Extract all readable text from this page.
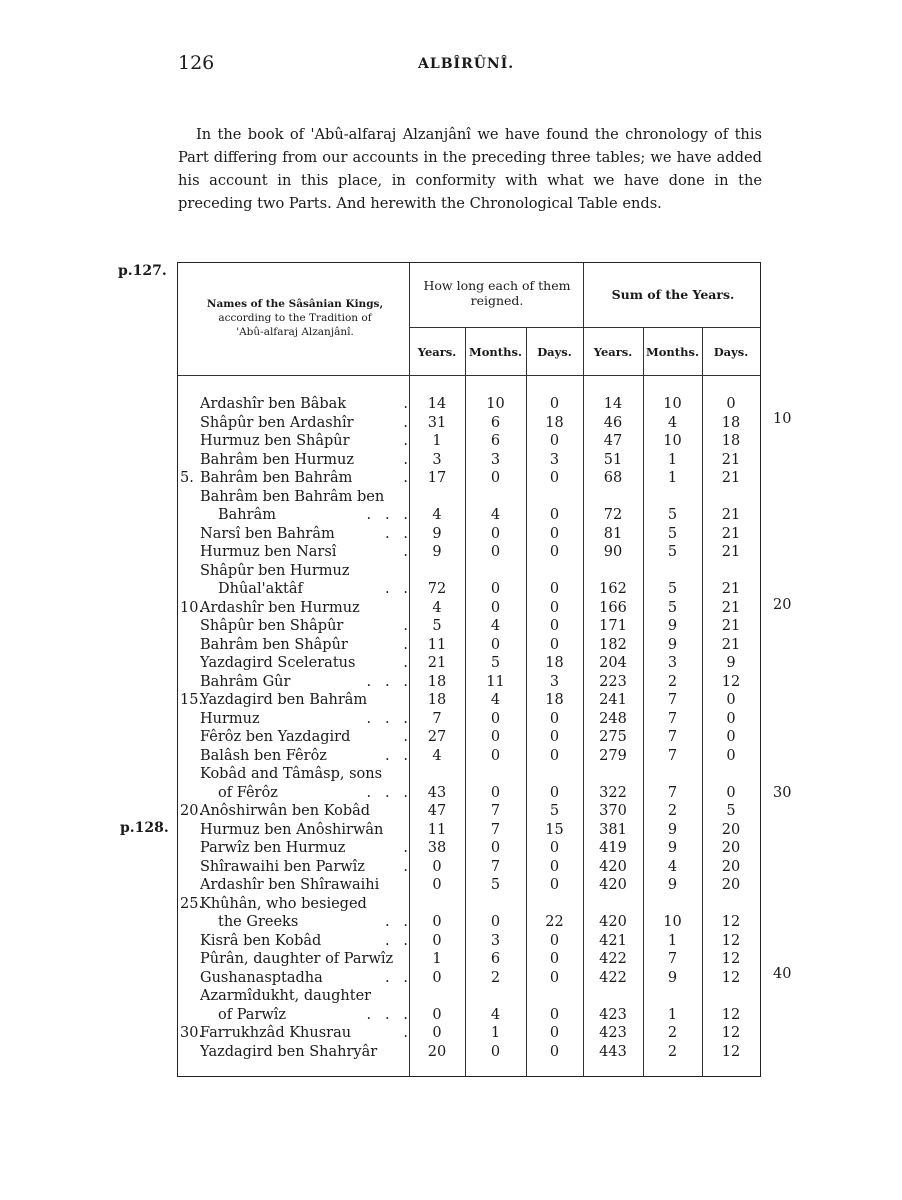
126	ALBÎRÛNÎ.
In the book of 'Abû-alfaraj Alzanjânî we have found the chronology of this Part differing from our accounts in the preceding three tables; we have added his account in this place, in conformity with what we have done in the preceding two Parts. And herewith the Chronological Table ends.
p.127.
p.128.
10
20
30
40
Names of the Sâsânian Kings,
according to the Tradition of
'Abû-alfaraj Alzanjânî.
How long each of them reigned.	Sum of the Years.
Years.	Months.	Days.	Years.	Months.	Days.
Ardashîr ben Bâbak	.	14	10	0	14	10	0
Shâpûr ben Ardashîr	.	31	6	18	46	4	18
Hurmuz ben Shâpûr	.	1	6	0	47	10	18
Bahrâm ben Hurmuz	.	3	3	3	51	1	21
5. Bahrâm ben Bahrâm	.	17	0	0	68	1	21
Bahrâm ben Bahrâm ben
Bahrâm	.   .   .	4	4	0	72	5	21
Narsî ben Bahrâm	.   .	9	0	0	81	5	21
Hurmuz ben Narsî	.	9	0	0	90	5	21
Shâpûr ben Hurmuz
Dhûal'aktâf	.   .	72	0	0	162	5	21
10.
Ardashîr ben Hurmuz	4	0	0	166	5	21
Shâpûr ben Shâpûr	.	5	4	0	171	9	21
Bahrâm ben Shâpûr	.	11	0	0	182	9	21
Yazdagird Sceleratus	.	21	5	18	204	3	9
Bahrâm Gûr	.   .   .	18	11	3	223	2	12
15.
Yazdagird ben Bahrâm	18	4	18	241	7	0
Hurmuz	.   .   .	7	0	0	248	7	0
Fêrôz ben Yazdagird	.	27	0	0	275	7	0
Balâsh ben Fêrôz	.   .	4	0	0	279	7	0
Kobâd and Tâmâsp, sons
of Fêrôz	.   .   .	43	0	0	322	7	0
20.
Anôshirwân ben Kobâd	47	7	5	370	2	5
Hurmuz ben Anôshirwân	11	7	15	381	9	20
Parwîz ben Hurmuz	.	38	0	0	419	9	20
Shîrawaihi ben Parwîz	.	0	7	0	420	4	20
Ardashîr ben Shîrawaihi	0	5	0	420	9	20
25.
Khûhân, who besieged
the Greeks	.   .	0	0	22	420	10	12
Kisrâ ben Kobâd	.   .	0	3	0	421	1	12
Pûrân, daughter of Parwîz	1	6	0	422	7	12
Gushanasptadha	.   .	0	2	0	422	9	12
Azarmîdukht, daughter
of Parwîz	.   .   .	0	4	0	423	1	12
30.
Farrukhzâd Khusrau	.	0	1	0	423	2	12
Yazdagird ben Shahryâr	20	0	0	443	2	12
